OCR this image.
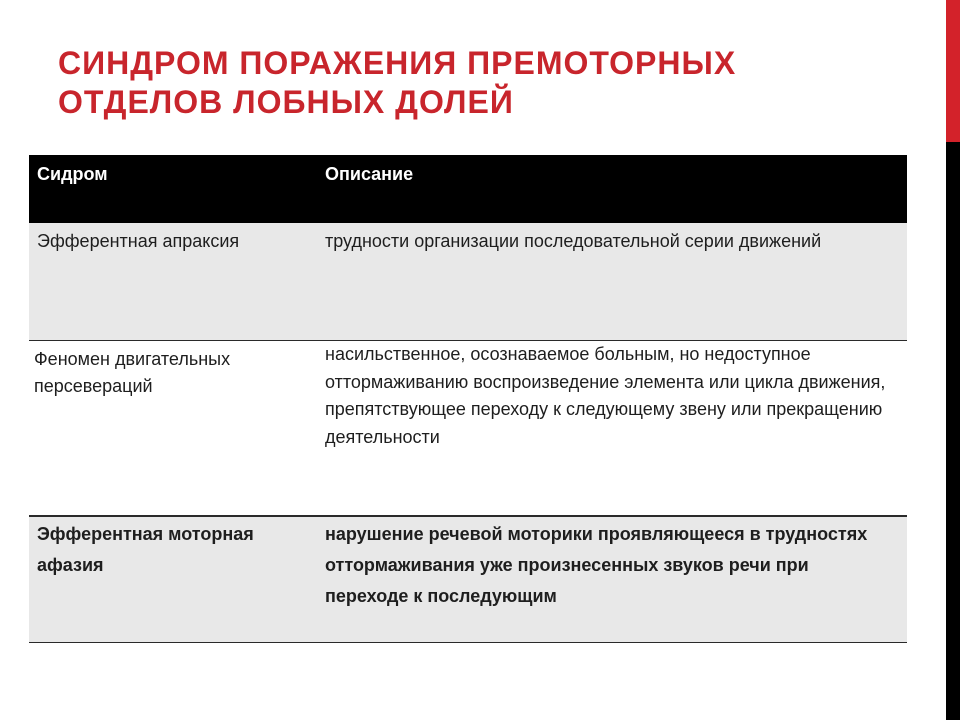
СИНДРОМ ПОРАЖЕНИЯ ПРЕМОТОРНЫХ
ОТДЕЛОВ ЛОБНЫХ ДОЛЕЙ
Сидром	Описание
Эфферентная апраксия	трудности организации последовательной серии движений
Феномен двигательных персевераций
насильственное, осознаваемое больным, но недоступное оттормаживанию воспроизведение элемента или цикла движения, препятствующее переходу к следующему звену или прекращению деятельности
Эфферентная моторная афазия
нарушение речевой моторики проявляющееся в трудностях оттормаживания уже произнесенных звуков речи при переходе к последующим
